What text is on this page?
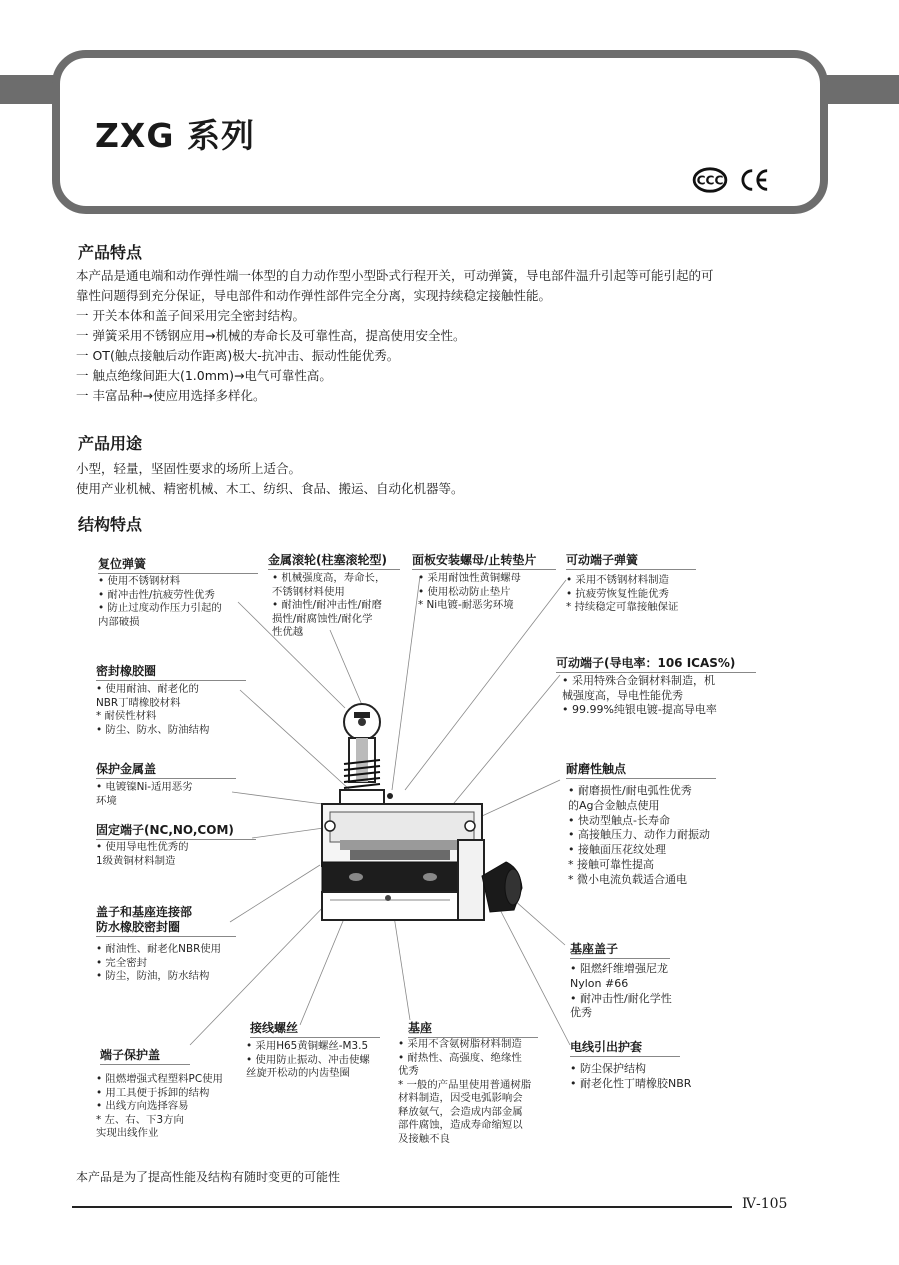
ZXG 系列
CCC
产品特点
本产品是通电端和动作弹性端一体型的自力动作型小型卧式行程开关，可动弹簧，导电部件温升引起等可能引起的可
靠性问题得到充分保证，导电部件和动作弹性部件完全分离，实现持续稳定接触性能。
一 开关本体和盖子间采用完全密封结构。
一 弹簧采用不锈钢应用→机械的寿命长及可靠性高，提高使用安全性。
一 OT(触点接触后动作距离)极大-抗冲击、振动性能优秀。
一 触点绝缘间距大(1.0mm)→电气可靠性高。
一 丰富品种→使应用选择多样化。
产品用途
小型，轻量，坚固性要求的场所上适合。
使用产业机械、精密机械、木工、纺织、食品、搬运、自动化机器等。
结构特点
复位弹簧
• 使用不锈钢材料
• 耐冲击性/抗疲劳性优秀
• 防止过度动作压力引起的
内部破损
密封橡胶圈
• 使用耐油、耐老化的
NBR丁晴橡胶材料
* 耐侯性材料
• 防尘、防水、防油结构
保护金属盖
• 电镀镍Ni-适用恶劣
环境
固定端子(NC,NO,COM)
• 使用导电性优秀的
1级黄铜材料制造
盖子和基座连接部
防水橡胶密封圈
• 耐油性、耐老化NBR使用
• 完全密封
• 防尘，防油，防水结构
端子保护盖
• 阻燃增强式程塑料PC使用
• 用工具便于拆卸的结构
• 出线方向选择容易
* 左、右、下3方向
实现出线作业
金属滚轮(柱塞滚轮型)
• 机械强度高，寿命长，
不锈钢材料使用
• 耐油性/耐冲击性/耐磨
损性/耐腐蚀性/耐化学
性优越
面板安装螺母/止转垫片
• 采用耐蚀性黄铜螺母
• 使用松动防止垫片
* Ni电镀-耐恶劣环境
可动端子弹簧
• 采用不锈钢材料制造
• 抗疲劳恢复性能优秀
* 持续稳定可靠接触保证
可动端子(导电率：106 ICAS%)
• 采用特殊合金铜材料制造，机
械强度高，导电性能优秀
• 99.99%纯银电镀-提高导电率
耐磨性触点
• 耐磨损性/耐电弧性优秀
的Ag合金触点使用
• 快动型触点-长寿命
• 高接触压力、动作力耐振动
• 接触面压花纹处理
* 接触可靠性提高
* 微小电流负载适合通电
基座盖子
• 阻燃纤维增强尼龙
Nylon #66
• 耐冲击性/耐化学性
优秀
电线引出护套
• 防尘保护结构
• 耐老化性丁晴橡胶NBR
接线螺丝
• 采用H65黄铜螺丝-M3.5
• 使用防止振动、冲击使螺
丝旋开松动的内齿垫圈
基座
• 采用不含氨树脂材料制造
• 耐热性、高强度、绝缘性
优秀
* 一般的产品里使用普通树脂
材料制造，因受电弧影响会
释放氨气，会造成内部金属
部件腐蚀，造成寿命缩短以
及接触不良
本产品是为了提高性能及结构有随时变更的可能性
Ⅳ-105
